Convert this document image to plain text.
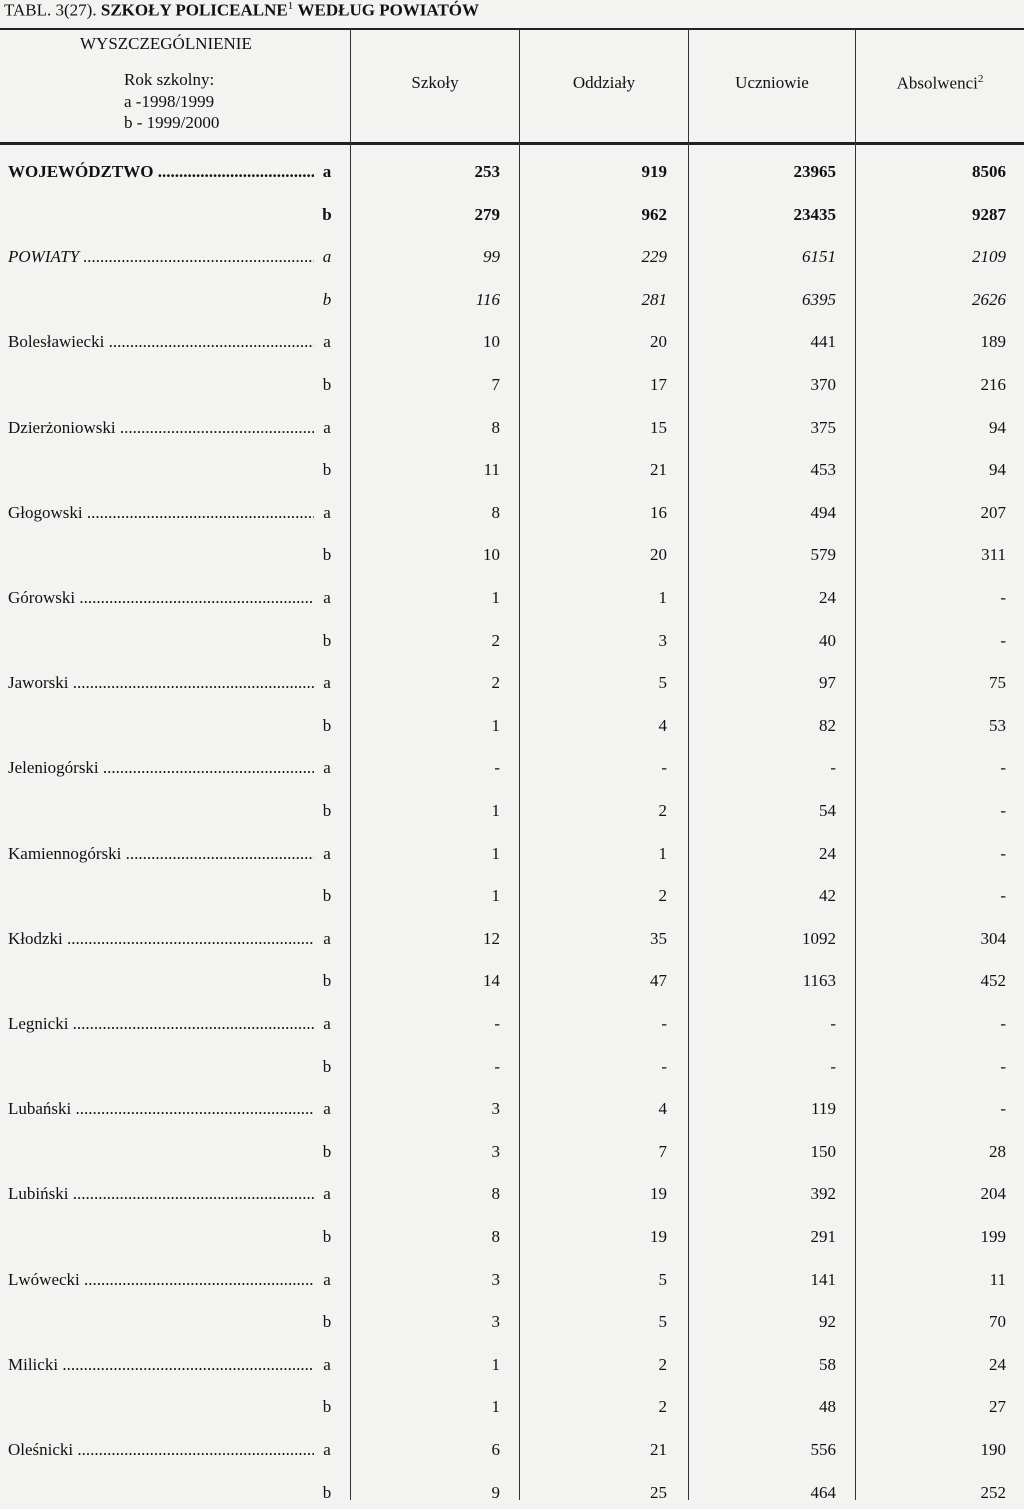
TABL. 3(27). SZKOŁY POLICEALNE$^1$ WEDŁUG POWIATÓW
WYSZCZEGÓLNIENIE
Rok szkolny:
a -1998/1999
b - 1999/2000
Szkoły	Oddziały	Uczniowie	Absolwenci$^2$
WOJEWÓDZTWO .....	a	253	919	23965	8506
b	279	962	23435	9287
POWIATY .....	a	99	229	6151	2109
b	116	281	6395	2626
Bolesławiecki .....	a	10	20	441	189
b	7	17	370	216
Dzierżoniowski .....	a	8	15	375	94
b	11	21	453	94
Głogowski .....	a	8	16	494	207
b	10	20	579	311
Górowski .....	a	1	1	24	-
b	2	3	40	-
Jaworski .....	a	2	5	97	75
b	1	4	82	53
Jeleniogórski .....	a	-	-	-	-
b	1	2	54	-
Kamiennogórski .....	a	1	1	24	-
b	1	2	42	-
Kłodzki .....	a	12	35	1092	304
b	14	47	1163	452
Legnicki .....	a	-	-	-	-
b	-	-	-	-
Lubański .....	a	3	4	119	-
b	3	7	150	28
Lubiński .....	a	8	19	392	204
b	8	19	291	199
Lwówecki .....	a	3	5	141	11
b	3	5	92	70
Milicki .....	a	1	2	58	24
b	1	2	48	27
Oleśnicki .....	a	6	21	556	190
b	9	25	464	252
